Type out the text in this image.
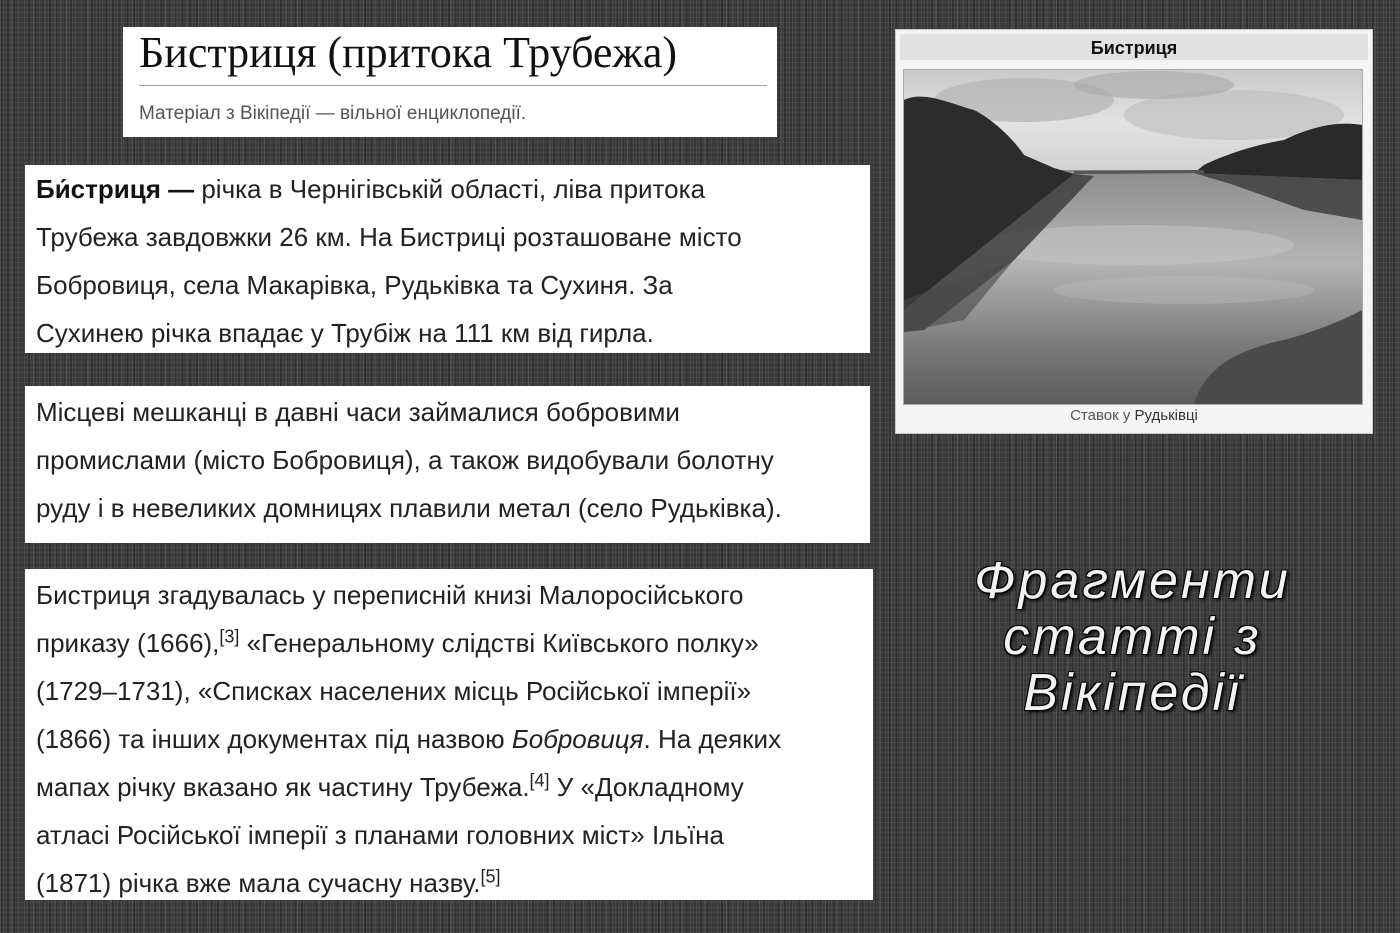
Бистриця (притока Трубежа)
Матеріал з Вікіпедії — вільної енциклопедії.
Би́стриця — річка в Чернігівській області, ліва притока
Трубежа завдовжки 26 км. На Бистриці розташоване місто
Бобровиця, села Макарівка, Рудьківка та Сухиня. За
Сухинею річка впадає у Трубіж на 111 км від гирла.
Місцеві мешканці в давні часи займалися бобровими
промислами (місто Бобровиця), а також видобували болотну
руду і в невеликих домницях плавили метал (село Рудьківка).
Бистриця згадувалась у переписній книзі Малоросійського
приказу (1666),[3] «Генеральному слідстві Київського полку»
(1729–1731), «Списках населених місць Російської імперії»
(1866) та інших документах під назвою Бобровиця. На деяких
мапах річку вказано як частину Трубежа.[4] У «Докладному
атласі Російської імперії з планами головних міст» Ільїна
(1871) річка вже мала сучасну назву.[5]
Бистриця
Ставок у Рудьківці
Фрагменти
статті з
Вікіпедії
